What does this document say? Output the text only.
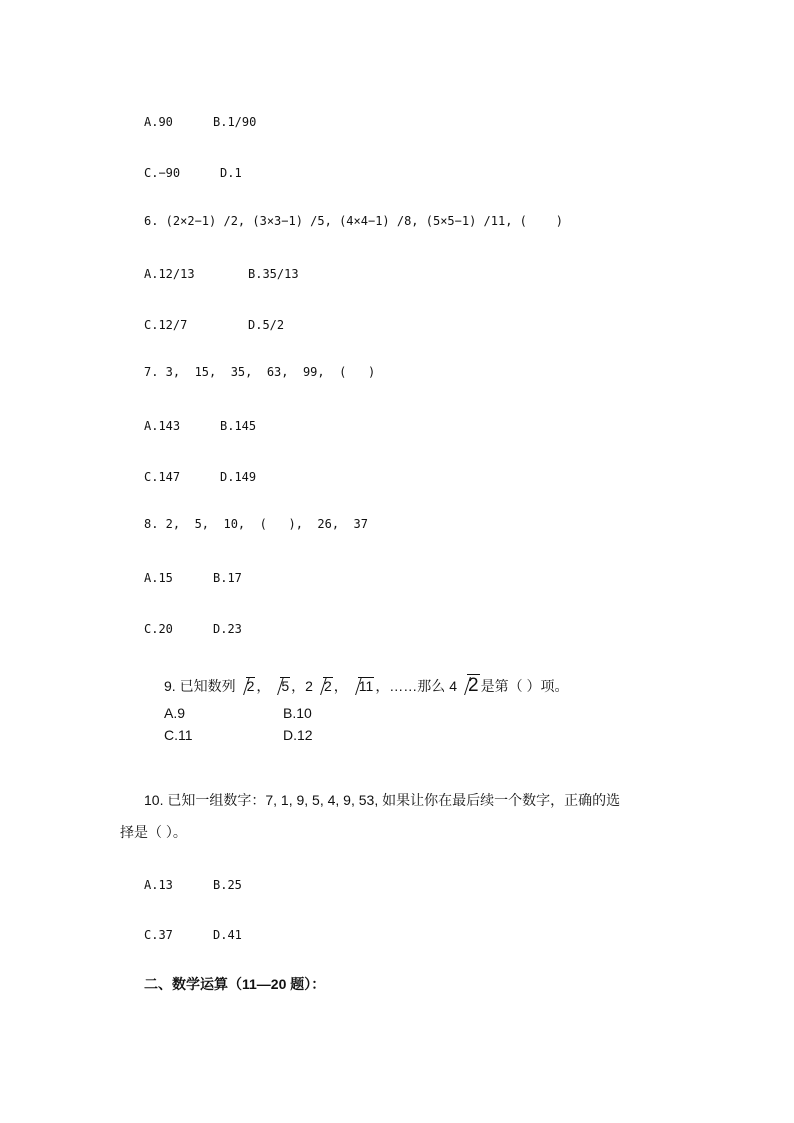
A.90	B.1/90
C.−90	D.1
6. (2×2−1) /2, (3×3−1) /5, (4×4−1) /8, (5×5−1) /11, (    )
A.12/13	B.35/13
C.12/7	D.5/2
7. 3,  15,  35,  63,  99,  (   )
A.143	B.145
C.147	D.149
8. 2,  5,  10,  (   ),  26,  37
A.15	B.17
C.20	D.23
9. 已知数列 2 ， 5 ，2 2 ， 11 ，……那么 4 2 是第（ ）项。
A.9	B.10
C.11	D.12
10. 已知一组数字：7, 1, 9, 5, 4, 9, 53, 如果让你在最后续一个数字，正确的选
择是（ ）。
A.13	B.25
C.37	D.41
二、数学运算（11—20 题）：
